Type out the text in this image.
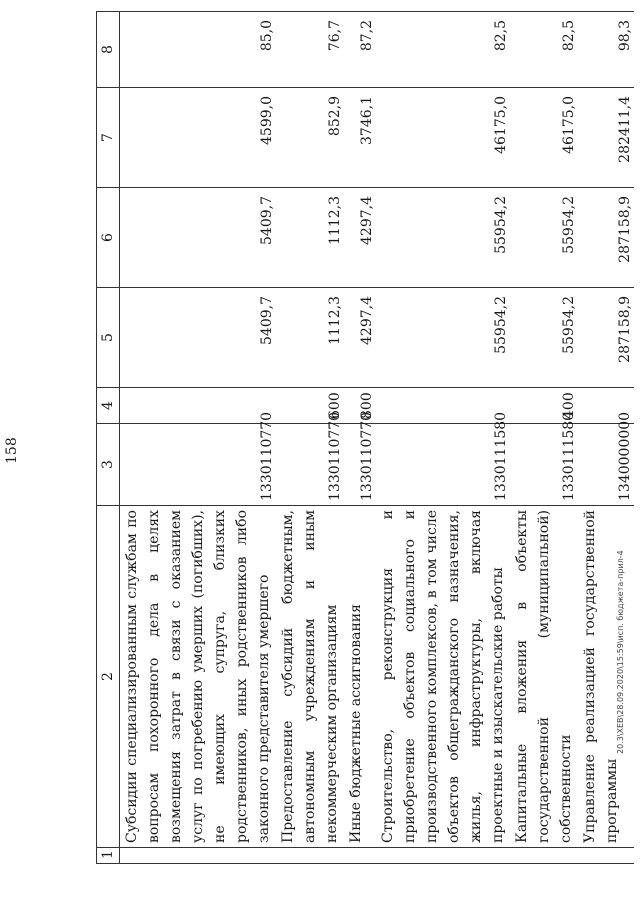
158
1	2	3	4	5	6	7	8
	Субсидии специализированным службам по вопросам похоронного дела в целях возмещения затрат в связи с оказанием услуг по погребению умерших (погибших), не имеющих супруга, близких родственников, иных родственников либо законного представителя умершего	1330110770		5409,7	5409,7	4599,0	85,0
	Предоставление субсидий бюджетным, автономным учреждениям и иным некоммерческим организациям	1330110770	600	1112,3	1112,3	852,9	76,7
	Иные бюджетные ассигнования	1330110770	800	4297,4	4297,4	3746,1	87,2
	Строительство, реконструкция и приобретение объектов социального и производственного комплексов, в том числе объектов общегражданского назначения, жилья, инфраструктуры, включая проектные и изыскательские работы	1330111580		55954,2	55954,2	46175,0	82,5
	Капитальные вложения в объекты государственной (муниципальной) собственности	1330111580	400	55954,2	55954,2	46175,0	82,5
	Управление реализацией государственной программы	1340000000		287158,9	287158,9	282411,4	98,3
20.3\ХЕВ\28.09.2020\15:59\исп. бюджета-прил-4
